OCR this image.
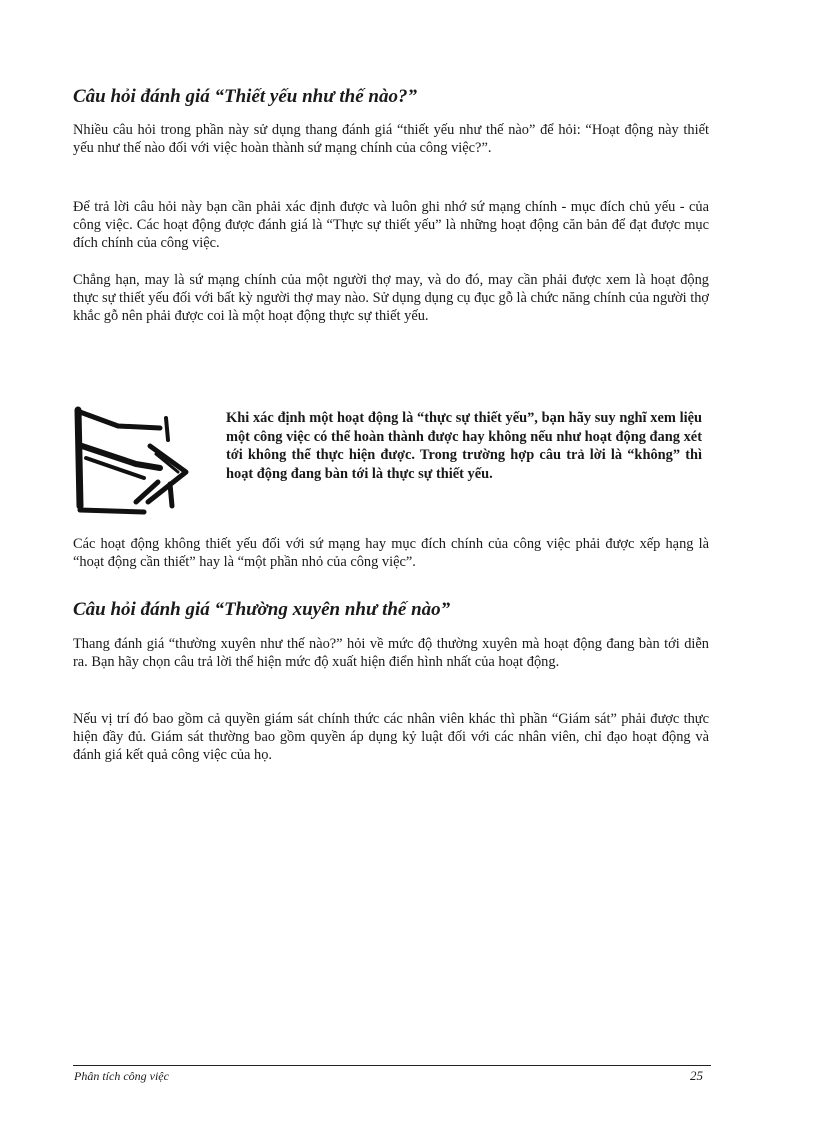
Câu hỏi đánh giá “Thiết yếu như thế nào?”

Nhiều câu hỏi trong phần này sử dụng thang đánh giá “thiết yếu như thế nào” để hỏi: “Hoạt động này thiết yếu như thế nào đối với việc hoàn thành sứ mạng chính của công việc?”.

Để trả lời câu hỏi này bạn cần phải xác định được và luôn ghi nhớ sứ mạng chính - mục đích chủ yếu - của công việc. Các hoạt động được đánh giá là “Thực sự thiết yếu” là những hoạt động căn bản để đạt được mục đích chính của công việc.

Chẳng hạn, may là sứ mạng chính của một người thợ may, và do đó, may cần phải được xem là hoạt động thực sự thiết yếu đối với bất kỳ người thợ may nào. Sử dụng dụng cụ đục gỗ là chức năng chính của người thợ khắc gỗ nên phải được coi là một hoạt động thực sự thiết yếu.

Khi xác định một hoạt động là “thực sự thiết yếu”, bạn hãy suy nghĩ xem liệu một công việc có thể hoàn thành được hay không nếu như hoạt động đang xét tới không thể thực hiện được. Trong trường hợp câu trả lời là “không” thì hoạt động đang bàn tới là thực sự thiết yếu.

Các hoạt động không thiết yếu đối với sứ mạng hay mục đích chính của công việc phải được xếp hạng là “hoạt động cần thiết” hay là “một phần nhỏ của công việc”.

Câu hỏi đánh giá “Thường xuyên như thế nào”

Thang đánh giá “thường xuyên như thế nào?” hỏi về mức độ thường xuyên mà hoạt động đang bàn tới diễn ra. Bạn hãy chọn câu trả lời thể hiện mức độ xuất hiện điển hình nhất của hoạt động.

Nếu vị trí đó bao gồm cả quyền giám sát chính thức các nhân viên khác thì phần “Giám sát” phải được thực hiện đầy đủ. Giám sát thường bao gồm quyền áp dụng kỷ luật đối với các nhân viên, chỉ đạo hoạt động và đánh giá kết quả công việc của họ.

Phân tích công việc	25
